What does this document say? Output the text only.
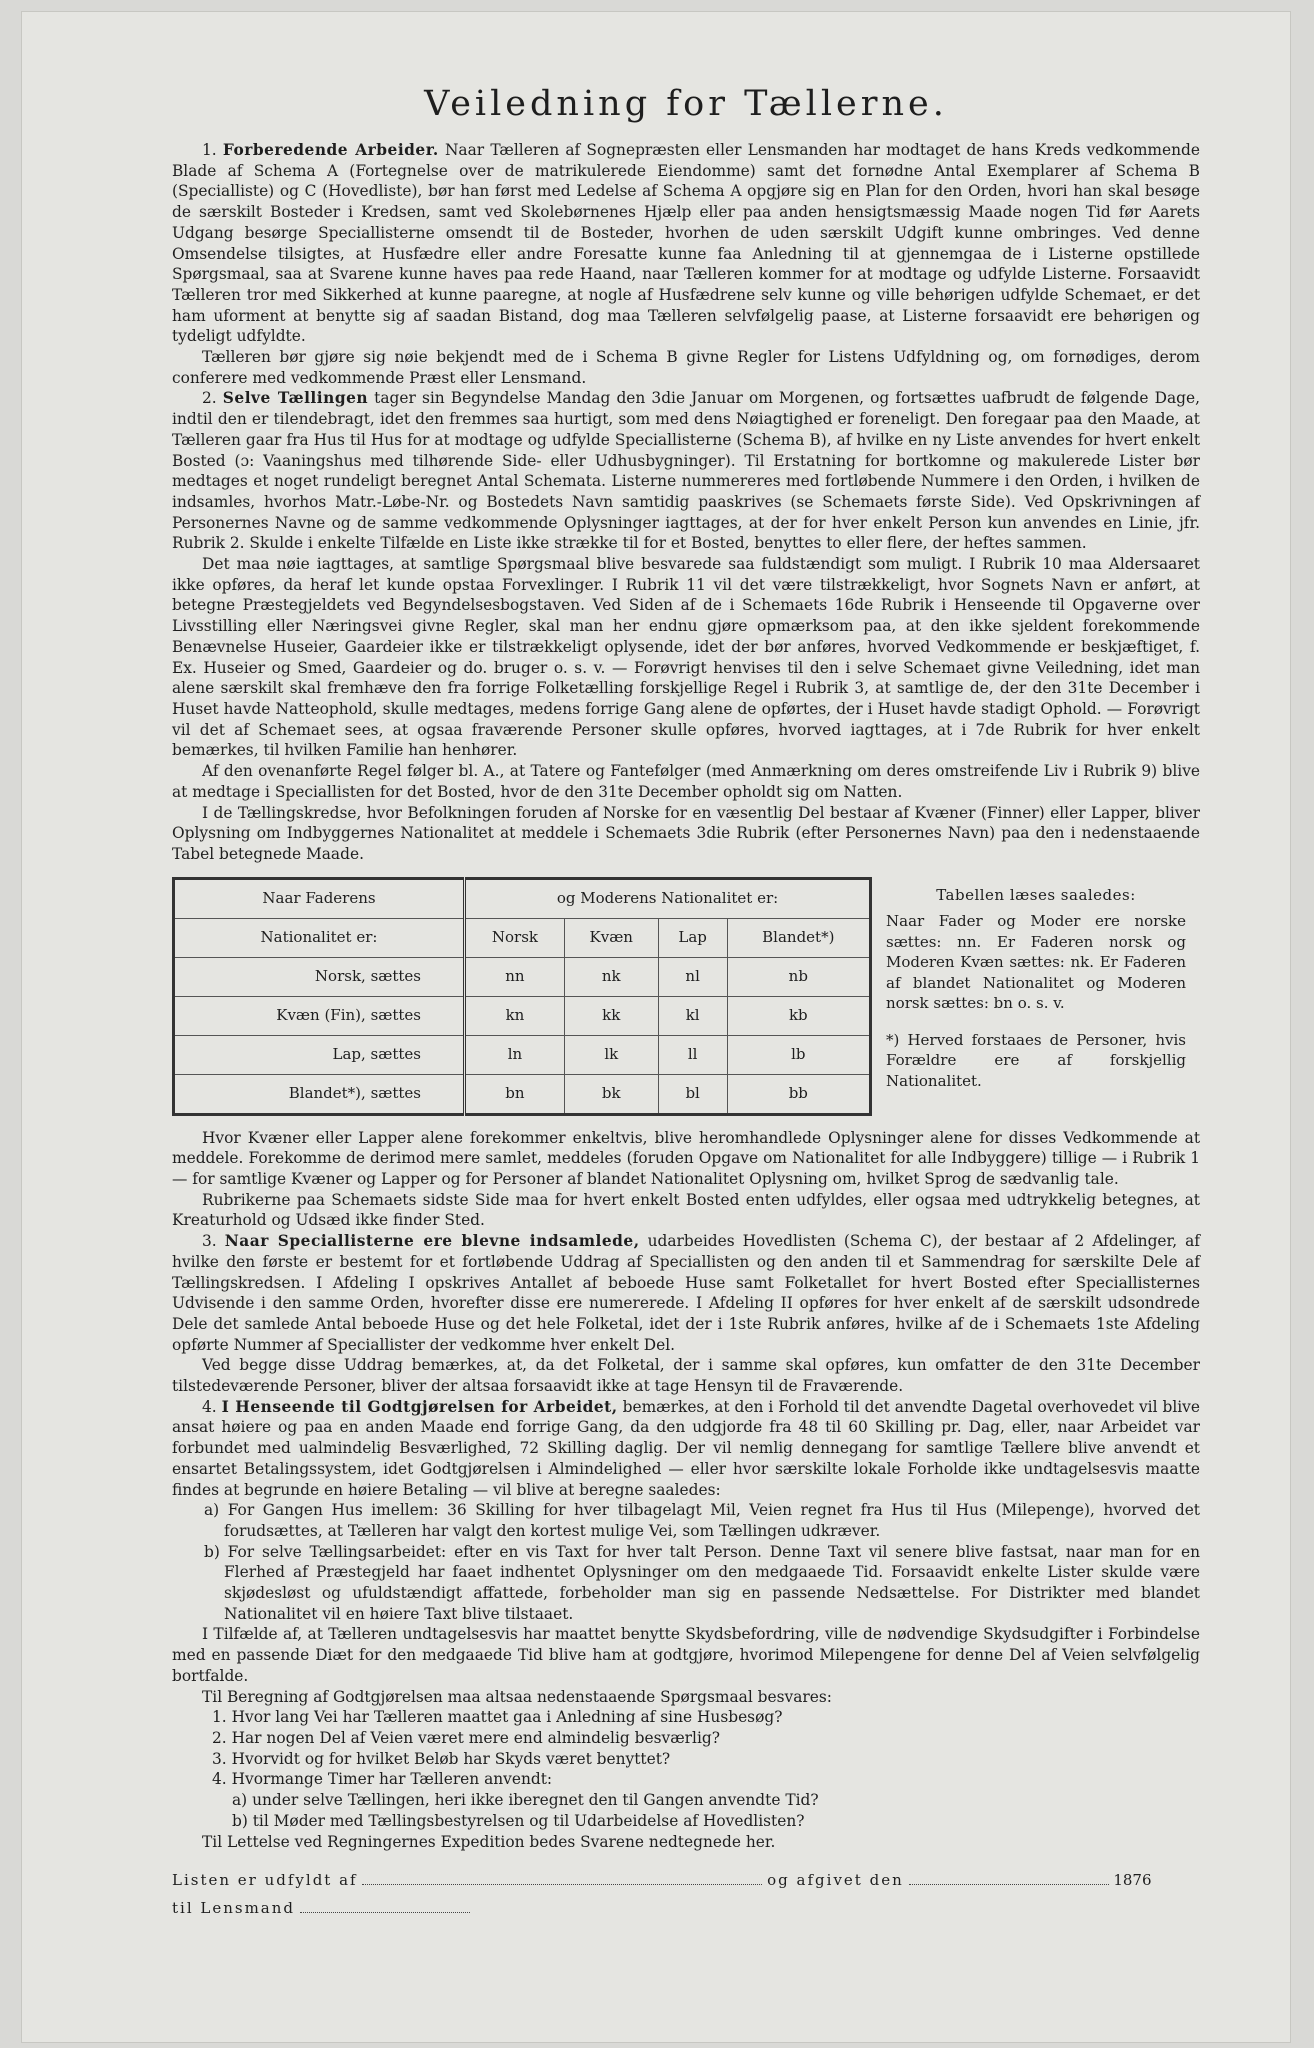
Veiledning for Tællerne.

1. Forberedende Arbeider. Naar Tælleren af Sognepræsten eller Lensmanden har modtaget de hans Kreds vedkommende Blade af Schema A (Fortegnelse over de matrikulerede Eiendomme) samt det fornødne Antal Exemplarer af Schema B (Specialliste) og C (Hovedliste), bør han først med Ledelse af Schema A opgjøre sig en Plan for den Orden, hvori han skal besøge de særskilt Bosteder i Kredsen, samt ved Skolebørnenes Hjælp eller paa anden hensigtsmæssig Maade nogen Tid før Aarets Udgang besørge Speciallisterne omsendt til de Bosteder, hvorhen de uden særskilt Udgift kunne ombringes. Ved denne Omsendelse tilsigtes, at Husfædre eller andre Foresatte kunne faa Anledning til at gjennemgaa de i Listerne opstillede Spørgsmaal, saa at Svarene kunne haves paa rede Haand, naar Tælleren kommer for at modtage og udfylde Listerne. Forsaavidt Tælleren tror med Sikkerhed at kunne paaregne, at nogle af Husfædrene selv kunne og ville behørigen udfylde Schemaet, er det ham uforment at benytte sig af saadan Bistand, dog maa Tælleren selvfølgelig paase, at Listerne forsaavidt ere behørigen og tydeligt udfyldte.

Tælleren bør gjøre sig nøie bekjendt med de i Schema B givne Regler for Listens Udfyldning og, om fornødiges, derom conferere med vedkommende Præst eller Lensmand.

2. Selve Tællingen tager sin Begyndelse Mandag den 3die Januar om Morgenen, og fortsættes uafbrudt de følgende Dage, indtil den er tilendebragt, idet den fremmes saa hurtigt, som med dens Nøiagtighed er foreneligt. Den foregaar paa den Maade, at Tælleren gaar fra Hus til Hus for at modtage og udfylde Speciallisterne (Schema B), af hvilke en ny Liste anvendes for hvert enkelt Bosted (ɔ: Vaaningshus med tilhørende Side- eller Udhusbygninger). Til Erstatning for bortkomne og makulerede Lister bør medtages et noget rundeligt beregnet Antal Schemata. Listerne nummereres med fortløbende Nummere i den Orden, i hvilken de indsamles, hvorhos Matr.-Løbe-Nr. og Bostedets Navn samtidig paaskrives (se Schemaets første Side). Ved Opskrivningen af Personernes Navne og de samme vedkommende Oplysninger iagttages, at der for hver enkelt Person kun anvendes en Linie, jfr. Rubrik 2. Skulde i enkelte Tilfælde en Liste ikke strække til for et Bosted, benyttes to eller flere, der heftes sammen.

Det maa nøie iagttages, at samtlige Spørgsmaal blive besvarede saa fuldstændigt som muligt. I Rubrik 10 maa Aldersaaret ikke opføres, da heraf let kunde opstaa Forvexlinger. I Rubrik 11 vil det være tilstrækkeligt, hvor Sognets Navn er anført, at betegne Præstegjeldets ved Begyndelsesbogstaven. Ved Siden af de i Schemaets 16de Rubrik i Henseende til Opgaverne over Livsstilling eller Næringsvei givne Regler, skal man her endnu gjøre opmærksom paa, at den ikke sjeldent forekommende Benævnelse Huseier, Gaardeier ikke er tilstrækkeligt oplysende, idet der bør anføres, hvorved Vedkommende er beskjæftiget, f. Ex. Huseier og Smed, Gaardeier og do. bruger o. s. v. — Forøvrigt henvises til den i selve Schemaet givne Veiledning, idet man alene særskilt skal fremhæve den fra forrige Folketælling forskjellige Regel i Rubrik 3, at samtlige de, der den 31te December i Huset havde Natteophold, skulle medtages, medens forrige Gang alene de opførtes, der i Huset havde stadigt Ophold. — Forøvrigt vil det af Schemaet sees, at ogsaa fraværende Personer skulle opføres, hvorved iagttages, at i 7de Rubrik for hver enkelt bemærkes, til hvilken Familie han henhører.

Af den ovenanførte Regel følger bl. A., at Tatere og Fantefølger (med Anmærkning om deres omstreifende Liv i Rubrik 9) blive at medtage i Speciallisten for det Bosted, hvor de den 31te December opholdt sig om Natten.

I de Tællingskredse, hvor Befolkningen foruden af Norske for en væsentlig Del bestaar af Kvæner (Finner) eller Lapper, bliver Oplysning om Indbyggernes Nationalitet at meddele i Schemaets 3die Rubrik (efter Personernes Navn) paa den i nedenstaaende Tabel betegnede Maade.

Naar Faderens	og Moderens Nationalitet er:			
Nationalitet er:	Norsk	Kvæn	Lap	Blandet*)
Norsk, sættes	nn	nk	nl	nb
Kvæn (Fin), sættes	kn	kk	kl	kb
Lap, sættes	ln	lk	ll	lb
Blandet*), sættes	bn	bk	bl	bb
Tabellen læses saaledes:
Naar Fader og Moder ere norske sættes: nn. Er Faderen norsk og Moderen Kvæn sættes: nk. Er Faderen af blandet Nationalitet og Moderen norsk sættes: bn o. s. v.
*) Herved forstaaes de Personer, hvis Forældre ere af forskjellig Nationalitet.

Hvor Kvæner eller Lapper alene forekommer enkeltvis, blive heromhandlede Oplysninger alene for disses Vedkommende at meddele. Forekomme de derimod mere samlet, meddeles (foruden Opgave om Nationalitet for alle Indbyggere) tillige — i Rubrik 1 — for samtlige Kvæner og Lapper og for Personer af blandet Nationalitet Oplysning om, hvilket Sprog de sædvanlig tale.

Rubrikerne paa Schemaets sidste Side maa for hvert enkelt Bosted enten udfyldes, eller ogsaa med udtrykkelig betegnes, at Kreaturhold og Udsæd ikke finder Sted.

3. Naar Speciallisterne ere blevne indsamlede, udarbeides Hovedlisten (Schema C), der bestaar af 2 Afdelinger, af hvilke den første er bestemt for et fortløbende Uddrag af Speciallisten og den anden til et Sammendrag for særskilte Dele af Tællingskredsen. I Afdeling I opskrives Antallet af beboede Huse samt Folketallet for hvert Bosted efter Speciallisternes Udvisende i den samme Orden, hvorefter disse ere numererede. I Afdeling II opføres for hver enkelt af de særskilt udsondrede Dele det samlede Antal beboede Huse og det hele Folketal, idet der i 1ste Rubrik anføres, hvilke af de i Schemaets 1ste Afdeling opførte Nummer af Speciallister der vedkomme hver enkelt Del.

Ved begge disse Uddrag bemærkes, at, da det Folketal, der i samme skal opføres, kun omfatter de den 31te December tilstedeværende Personer, bliver der altsaa forsaavidt ikke at tage Hensyn til de Fraværende.

4. I Henseende til Godtgjørelsen for Arbeidet, bemærkes, at den i Forhold til det anvendte Dagetal overhovedet vil blive ansat høiere og paa en anden Maade end forrige Gang, da den udgjorde fra 48 til 60 Skilling pr. Dag, eller, naar Arbeidet var forbundet med ualmindelig Besværlighed, 72 Skilling daglig. Der vil nemlig dennegang for samtlige Tællere blive anvendt et ensartet Betalingssystem, idet Godtgjørelsen i Almindelighed — eller hvor særskilte lokale Forholde ikke undtagelsesvis maatte findes at begrunde en høiere Betaling — vil blive at beregne saaledes:

a) For Gangen Hus imellem: 36 Skilling for hver tilbagelagt Mil, Veien regnet fra Hus til Hus (Milepenge), hvorved det forudsættes, at Tælleren har valgt den kortest mulige Vei, som Tællingen udkræver.
b) For selve Tællingsarbeidet: efter en vis Taxt for hver talt Person. Denne Taxt vil senere blive fastsat, naar man for en Flerhed af Præstegjeld har faaet indhentet Oplysninger om den medgaaede Tid. Forsaavidt enkelte Lister skulde være skjødesløst og ufuldstændigt affattede, forbeholder man sig en passende Nedsættelse. For Distrikter med blandet Nationalitet vil en høiere Taxt blive tilstaaet.

I Tilfælde af, at Tælleren undtagelsesvis har maattet benytte Skydsbefordring, ville de nødvendige Skydsudgifter i Forbindelse med en passende Diæt for den medgaaede Tid blive ham at godtgjøre, hvorimod Milepengene for denne Del af Veien selvfølgelig bortfalde.

Til Beregning af Godtgjørelsen maa altsaa nedenstaaende Spørgsmaal besvares:

1. Hvor lang Vei har Tælleren maattet gaa i Anledning af sine Husbesøg?
2. Har nogen Del af Veien været mere end almindelig besværlig?
3. Hvorvidt og for hvilket Beløb har Skyds været benyttet?
4. Hvormange Timer har Tælleren anvendt:
a) under selve Tællingen, heri ikke iberegnet den til Gangen anvendte Tid?
b) til Møder med Tællingsbestyrelsen og til Udarbeidelse af Hovedlisten?

Til Lettelse ved Regningernes Expedition bedes Svarene nedtegnede her.

Listen er udfyldt af	og afgivet den	1876
til Lensmand
